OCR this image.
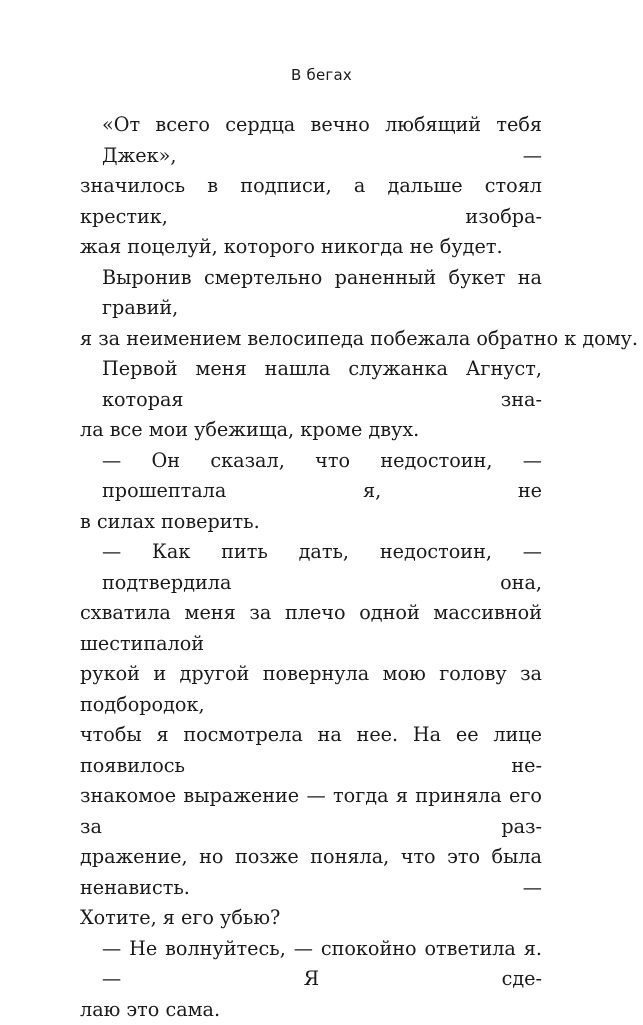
В бегах
«От всего сердца вечно любящий тебя Джек», —
значилось в подписи, а дальше стоял крестик, изобра-
жая поцелуй, которого никогда не будет.
Выронив смертельно раненный букет на гравий,
я за неимением велосипеда побежала обратно к дому.
Первой меня нашла служанка Агнуст, которая зна-
ла все мои убежища, кроме двух.
— Он сказал, что недостоин, — прошептала я, не
в силах поверить.
— Как пить дать, недостоин, — подтвердила она,
схватила меня за плечо одной массивной шестипалой
рукой и другой повернула мою голову за подбородок,
чтобы я посмотрела на нее. На ее лице появилось не-
знакомое выражение — тогда я приняла его за раз-
дражение, но позже поняла, что это была ненависть. —
Хотите, я его убью?
— Не волнуйтесь, — спокойно ответила я. — Я сде-
лаю это сама.
